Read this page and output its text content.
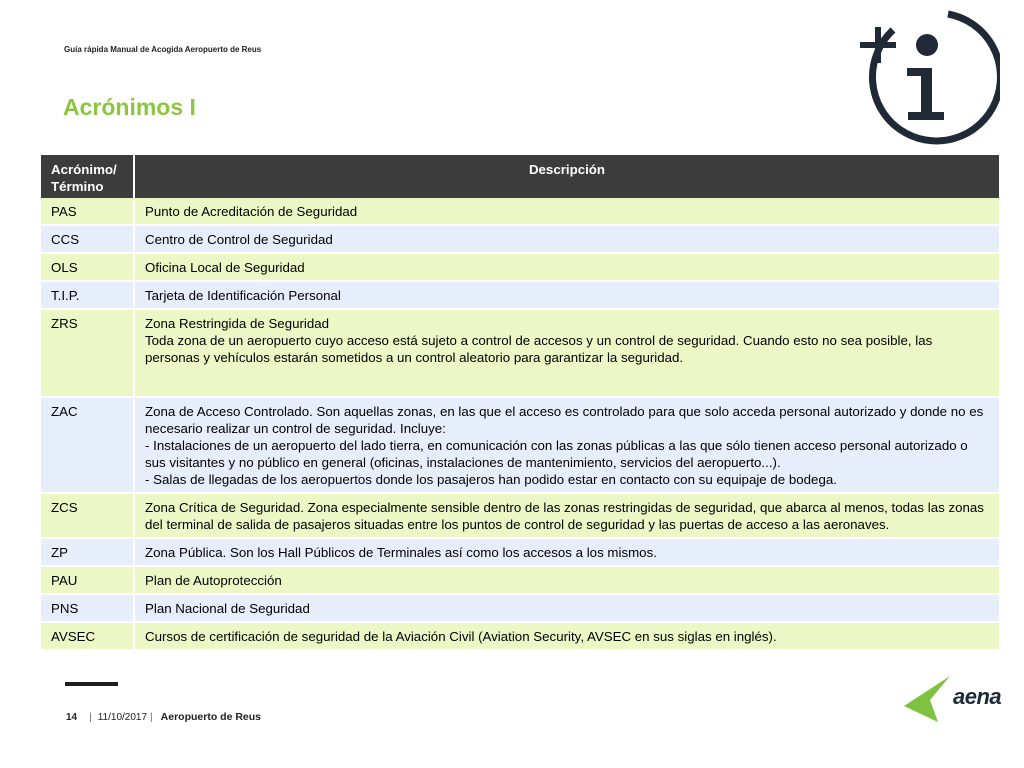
Guía rápida Manual de Acogida Aeropuerto de Reus
Acrónimos I
Acrónimo/ Término	Descripción
PAS	Punto de Acreditación de Seguridad

CCS	Centro de Control de Seguridad

OLS	Oficina Local de Seguridad

T.I.P.	Tarjeta de Identificación Personal

ZRS	Zona Restringida de Seguridad
Toda zona de un aeropuerto cuyo acceso está sujeto a control de accesos y un control de seguridad. Cuando esto no sea posible, las personas y vehículos estarán sometidos a un control aleatorio para garantizar la seguridad.

ZAC	Zona de Acceso Controlado. Son aquellas zonas, en las que el acceso es controlado para que solo acceda personal autorizado y donde no es necesario realizar un control de seguridad. Incluye:
- Instalaciones de un aeropuerto del lado tierra, en comunicación con las zonas públicas a las que sólo tienen acceso personal autorizado o sus visitantes y no público en general (oficinas, instalaciones de mantenimiento, servicios del aeropuerto...).
- Salas de llegadas de los aeropuertos donde los pasajeros han podido estar en contacto con su equipaje de bodega.

ZCS	Zona Crítica de Seguridad. Zona especialmente sensible dentro de las zonas restringidas de seguridad, que abarca al menos, todas las zonas del terminal de salida de pasajeros situadas entre los puntos de control de seguridad y las puertas de acceso a las aeronaves.

ZP	Zona Pública. Son los Hall Públicos de Terminales así como los accesos a los mismos.

PAU	Plan de Autoprotección

PNS	Plan Nacional de Seguridad

AVSEC	Cursos de certificación de seguridad de la Aviación Civil (Aviation Security, AVSEC en sus siglas en inglés).
14 | 11/10/2017 | Aeropuerto de Reus
aena
